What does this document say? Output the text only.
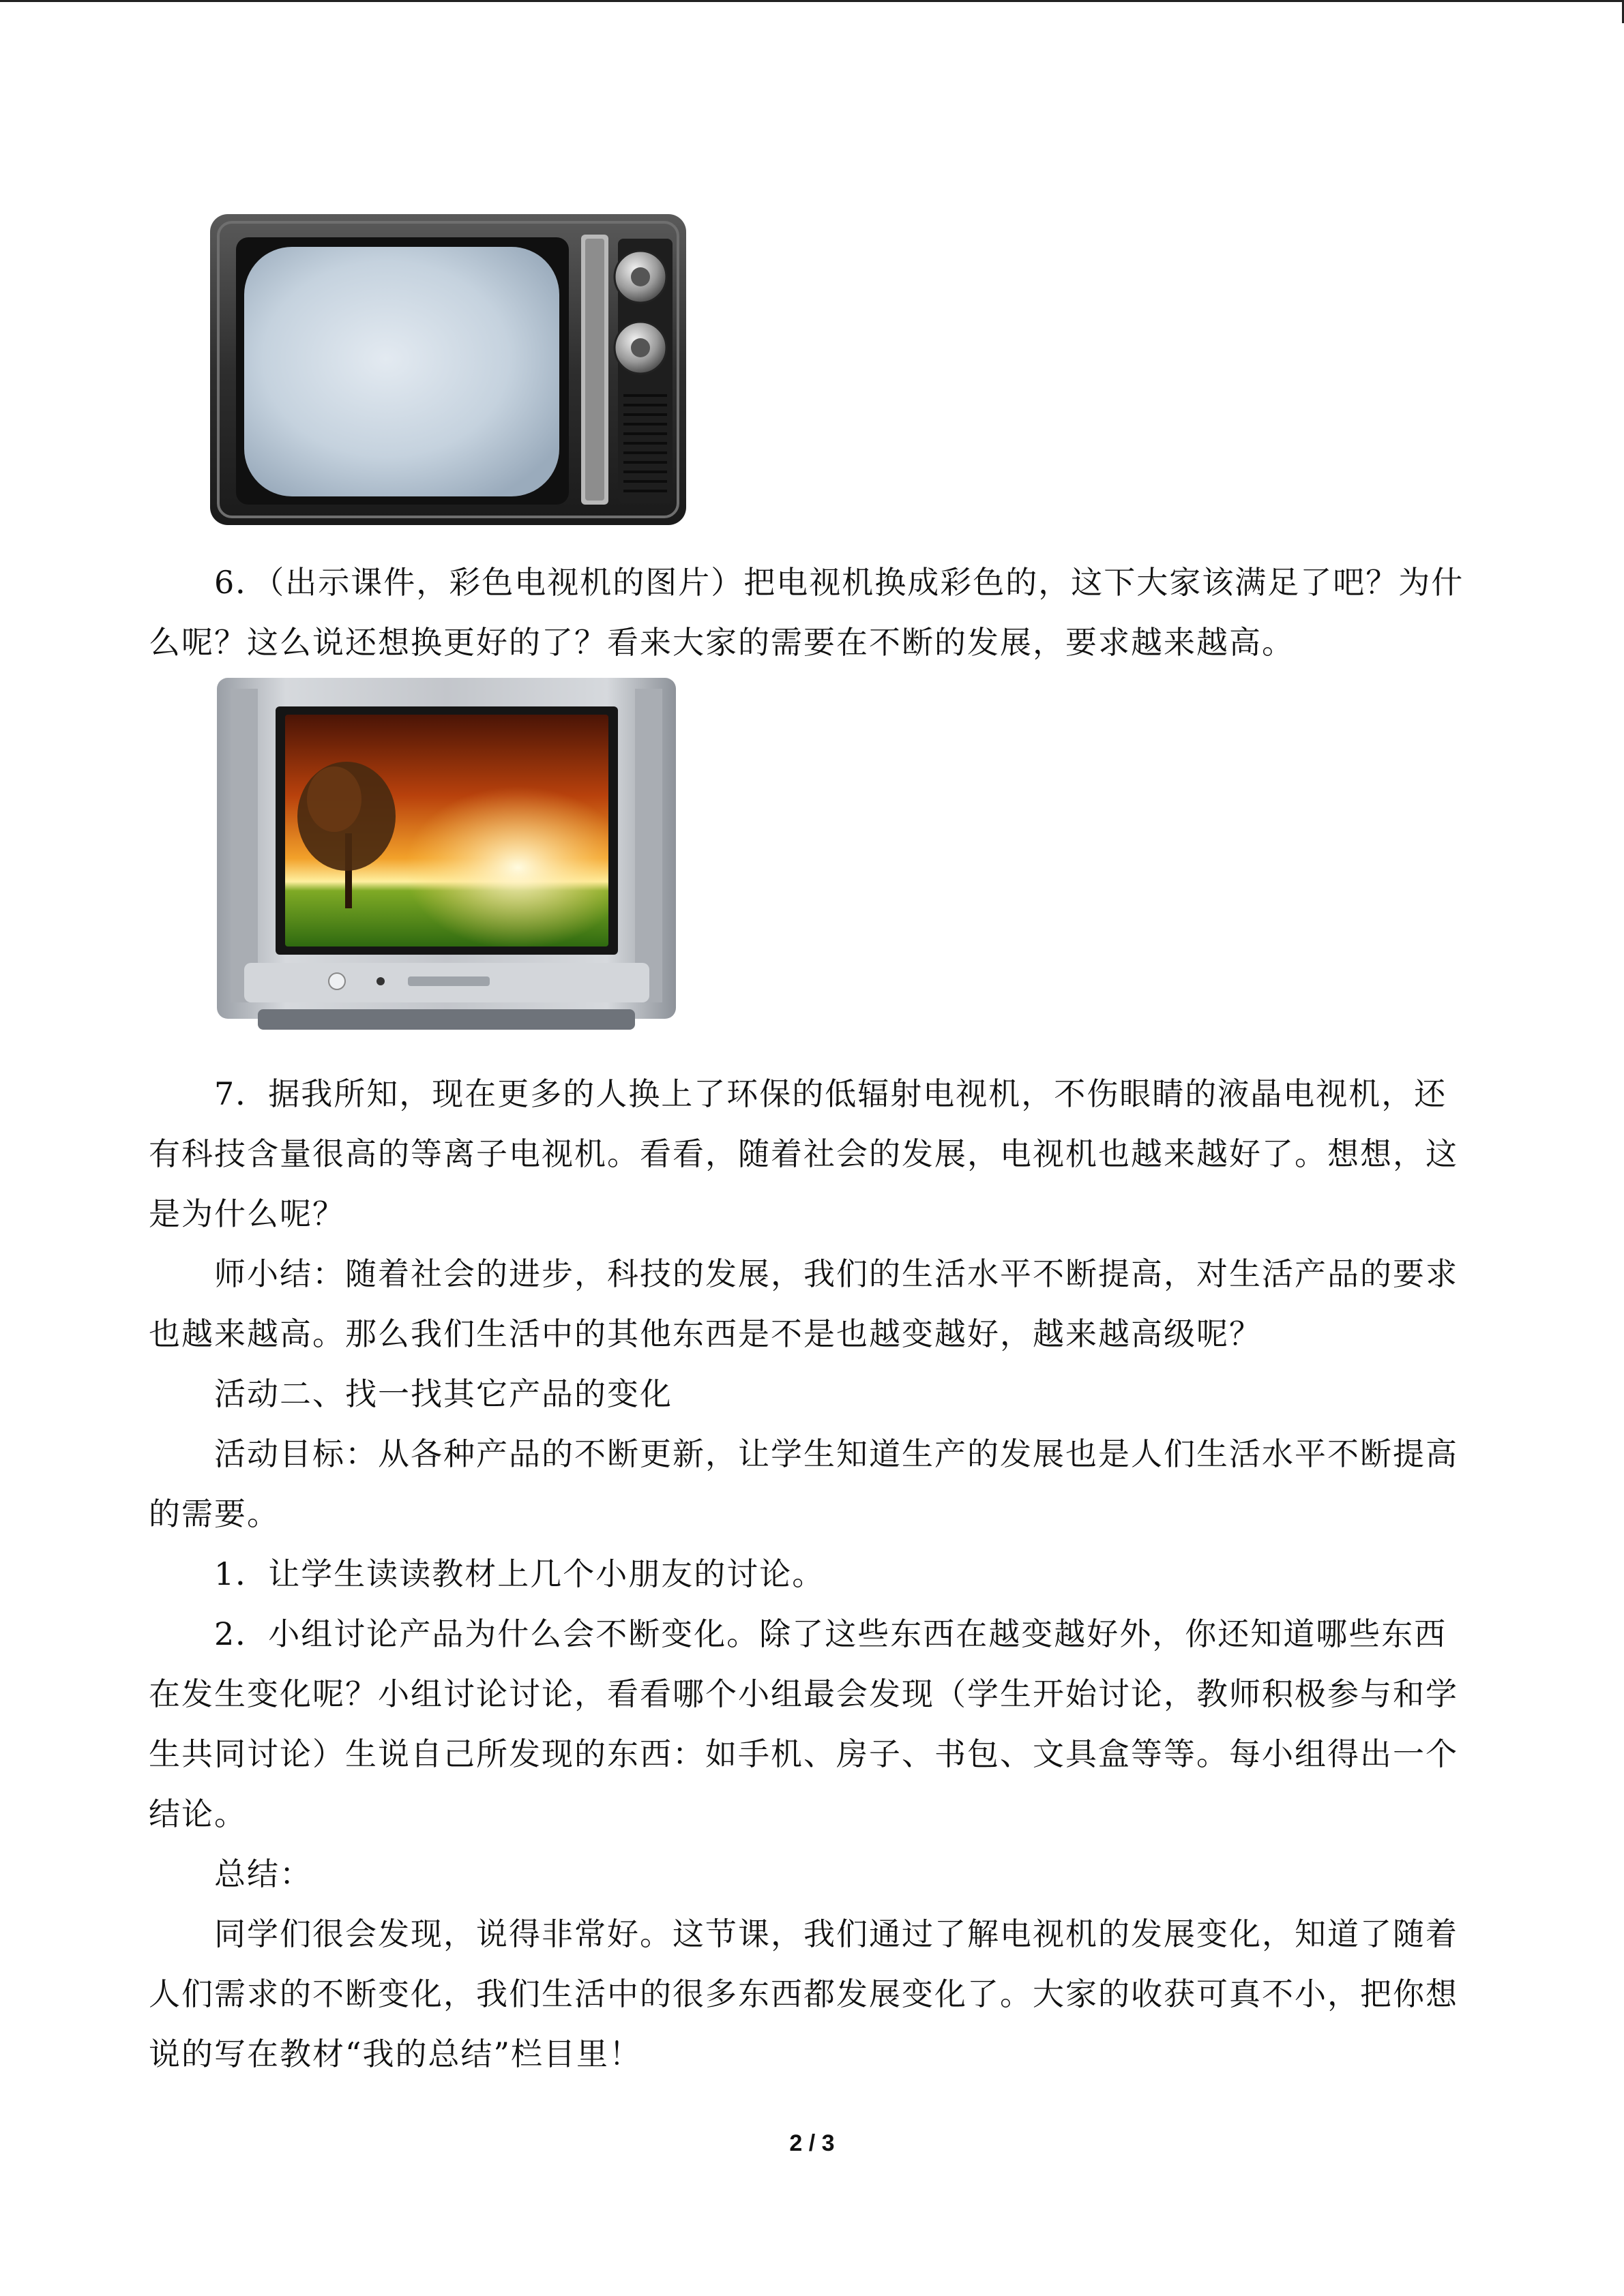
6．（出示课件，彩色电视机的图片）把电视机换成彩色的，这下大家该满足了吧？为什么呢？这么说还想换更好的了？看来大家的需要在不断的发展，要求越来越高。

7．据我所知，现在更多的人换上了环保的低辐射电视机，不伤眼睛的液晶电视机，还有科技含量很高的等离子电视机。看看，随着社会的发展，电视机也越来越好了。想想，这是为什么呢？

师小结：随着社会的进步，科技的发展，我们的生活水平不断提高，对生活产品的要求也越来越高。那么我们生活中的其他东西是不是也越变越好，越来越高级呢？

活动二、找一找其它产品的变化

活动目标：从各种产品的不断更新，让学生知道生产的发展也是人们生活水平不断提高的需要。

1．让学生读读教材上几个小朋友的讨论。

2．小组讨论产品为什么会不断变化。除了这些东西在越变越好外，你还知道哪些东西在发生变化呢？小组讨论讨论，看看哪个小组最会发现（学生开始讨论，教师积极参与和学生共同讨论）生说自己所发现的东西：如手机、房子、书包、文具盒等等。每小组得出一个结论。

总结：

同学们很会发现，说得非常好。这节课，我们通过了解电视机的发展变化，知道了随着人们需求的不断变化，我们生活中的很多东西都发展变化了。大家的收获可真不小，把你想说的写在教材“我的总结”栏目里！

2 / 3
